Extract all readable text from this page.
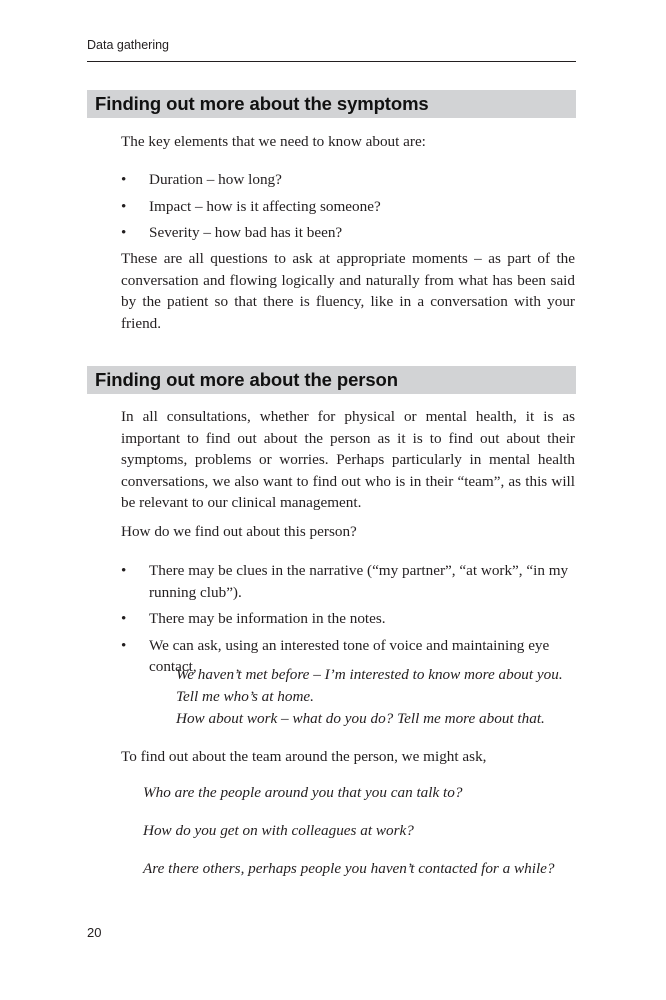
Data gathering
Finding out more about the symptoms

The key elements that we need to know about are:

• Duration – how long?
• Impact – how is it affecting someone?
• Severity – how bad has it been?

These are all questions to ask at appropriate moments – as part of the conversation and flowing logically and naturally from what has been said by the patient so that there is fluency, like in a conversation with your friend.

Finding out more about the person

In all consultations, whether for physical or mental health, it is as important to find out about the person as it is to find out about their symptoms, problems or worries. Perhaps particularly in mental health conversations, we also want to find out who is in their “team”, as this will be relevant to our clinical management.

How do we find out about this person?

• There may be clues in the narrative (“my partner”, “at work”, “in my running club”).
• There may be information in the notes.
• We can ask, using an interested tone of voice and maintaining eye contact,

We haven’t met before – I’m interested to know more about you.

Tell me who’s at home.

How about work – what do you do? Tell me more about that.

To find out about the team around the person, we might ask,

Who are the people around you that you can talk to?

How do you get on with colleagues at work?

Are there others, perhaps people you haven’t contacted for a while?

20
